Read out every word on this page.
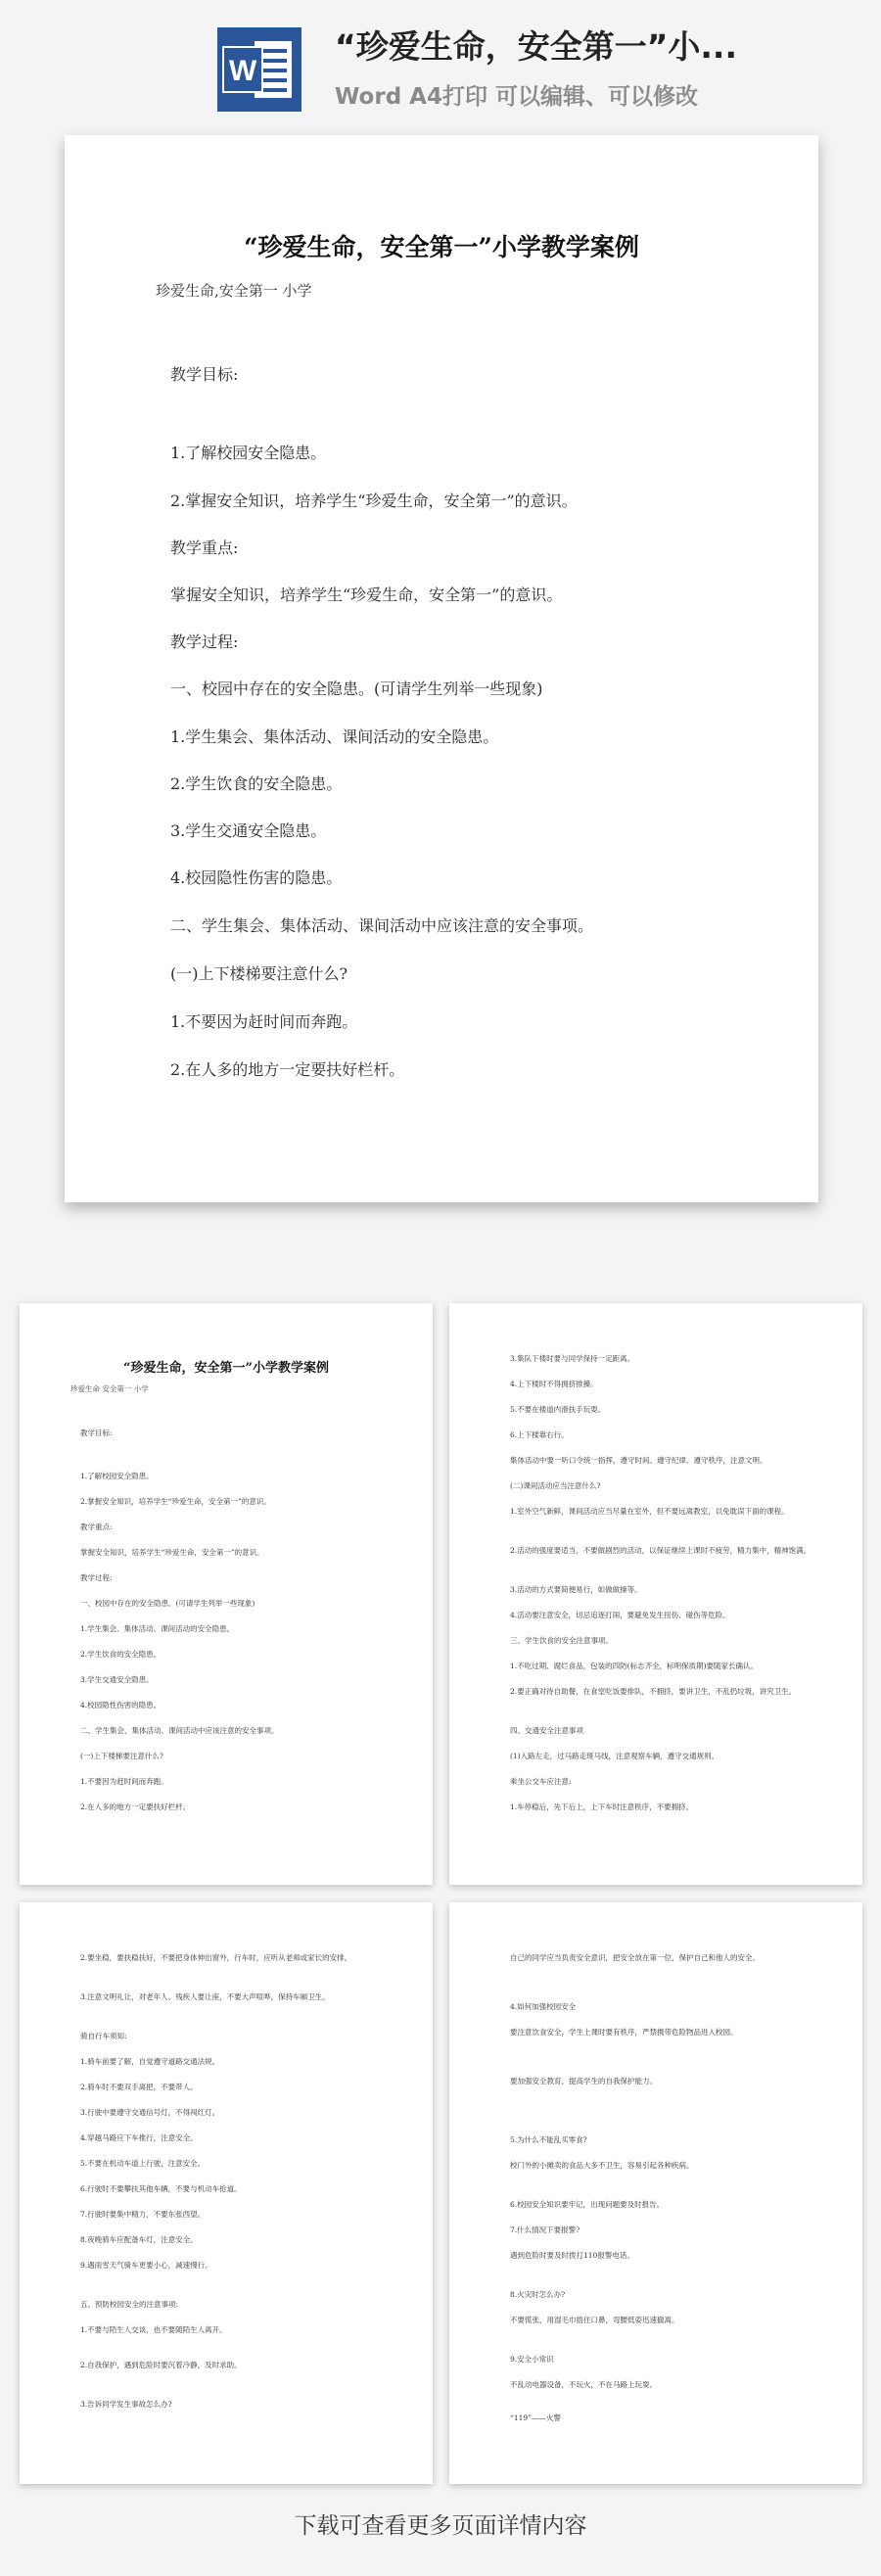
W
“珍爱生命，安全第一”小...
Word A4打印 可以编辑、可以修改
“珍爱生命，安全第一”小学教学案例
珍爱生命,安全第一 小学
教学目标:
1.了解校园安全隐患。
2.掌握安全知识，培养学生“珍爱生命，安全第一”的意识。
教学重点:
掌握安全知识，培养学生“珍爱生命，安全第一”的意识。
教学过程:
一、校园中存在的安全隐患。(可请学生列举一些现象)
1.学生集会、集体活动、课间活动的安全隐患。
2.学生饮食的安全隐患。
3.学生交通安全隐患。
4.校园隐性伤害的隐患。
二、学生集会、集体活动、课间活动中应该注意的安全事项。
(一)上下楼梯要注意什么?
1.不要因为赶时间而奔跑。
2.在人多的地方一定要扶好栏杆。
“珍爱生命，安全第一”小学教学案例
珍爱生命 安全第一 小学
教学目标:
1.了解校园安全隐患。
2.掌握安全知识，培养学生“珍爱生命，安全第一”的意识。
教学重点:
掌握安全知识，培养学生“珍爱生命，安全第一”的意识。
教学过程:
一、校园中存在的安全隐患。(可请学生列举一些现象)
1.学生集会、集体活动、课间活动的安全隐患。
2.学生饮食的安全隐患。
3.学生交通安全隐患。
4.校园隐性伤害的隐患。
二、学生集会、集体活动、课间活动中应该注意的安全事项。
(一)上下楼梯要注意什么?
1.不要因为赶时间而奔跑。
2.在人多的地方一定要扶好栏杆。
3.集队下楼时要与同学保持一定距离。
4.上下楼时不得拥挤推搡。
5.不要在楼道内滑扶手玩耍。
6.上下楼靠右行。
集体活动中要一听口令统一指挥，遵守时间、遵守纪律、遵守秩序，注意文明。
(二)课间活动应当注意什么?
1.室外空气新鲜，课间活动应当尽量在室外，但不要远离教室，以免耽误下面的课程。
2.活动的强度要适当，不要做剧烈的活动，以保证继续上课时不疲劳，精力集中，精神饱满。
3.活动的方式要简便易行，如做做操等。
4.活动要注意安全，切忌追逐打闹，要避免发生扭伤、碰伤等危险。
三、学生饮食的安全注意事项。
1.不吃过期、腐烂食品，包装的四防(标志齐全，标明保质期)要随家长确认。
2.要正确对待自助餐，在食堂吃饭要排队，不拥挤，要讲卫生，不乱扔垃圾，讲究卫生。
四、交通安全注意事项
(1)入路左走，过马路走斑马线，注意观察车辆，遵守交通规则。
乘坐公交车应注意:
1.车停稳后，先下后上，上下车时注意秩序，不要拥挤。
2.要坐稳，要扶稳扶好，不要把身体伸出窗外，行车时，应听从老师或家长的安排。
3.注意文明礼让，对老年人、残疾人要让座，不要大声喧哗，保持车厢卫生。
骑自行车须知:
1.骑车前要了解，自觉遵守道路交通法规。
2.骑车时不要双手离把，不要带人。
3.行驶中要遵守交通信号灯，不得闯红灯。
4.穿越马路应下车推行，注意安全。
5.不要在机动车道上行驶，注意安全。
6.行驶时不要攀扶其他车辆，不要与机动车抢道。
7.行驶时要集中精力，不要东张西望。
8.夜晚骑车应配备车灯，注意安全。
9.遇雨雪天气骑车更要小心，减速慢行。
五、预防校园安全的注意事项:
1.不要与陌生人交谈，也不要随陌生人离开。
2.自我保护，遇到危险时要沉着冷静，及时求助。
3.告诉同学发生事故怎么办?
自己的同学应当负责安全意识，把安全放在第一位，保护自己和他人的安全。
4.如何加强校园安全
要注意饮食安全，学生上课时要有秩序，严禁携带危险物品进入校园。
要加强安全教育，提高学生的自我保护能力。
5.为什么不能乱买零食?
校门外的小摊卖的食品大多不卫生，容易引起各种疾病。
6.校园安全知识要牢记，出现问题要及时报告。
7.什么情况下要报警?
遇到危险时要及时拨打110报警电话。
8.火灾时怎么办?
不要慌张，用湿毛巾捂住口鼻，弯腰低姿迅速撤离。
9.安全小常识
不乱动电器设备，不玩火，不在马路上玩耍。
“119”——火警
下载可查看更多页面详情内容
